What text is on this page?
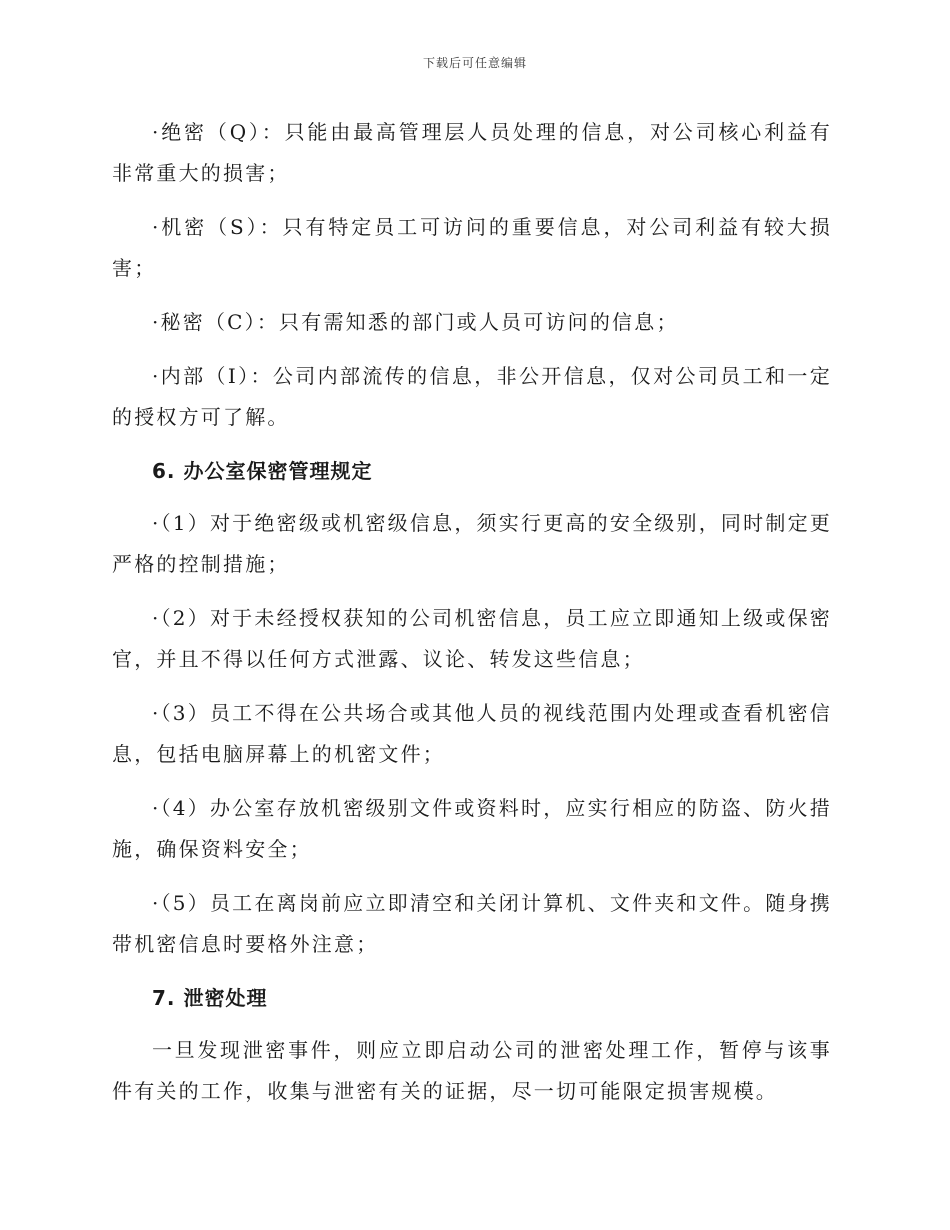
下载后可任意编辑

·绝密（Q）：只能由最高管理层人员处理的信息，对公司核心利益有非常重大的损害；

·机密（S）：只有特定员工可访问的重要信息，对公司利益有较大损害；

·秘密（C）：只有需知悉的部门或人员可访问的信息；

·内部（I）：公司内部流传的信息，非公开信息，仅对公司员工和一定的授权方可了解。

6. 办公室保密管理规定

·（1）对于绝密级或机密级信息，须实行更高的安全级别，同时制定更严格的控制措施；

·（2）对于未经授权获知的公司机密信息，员工应立即通知上级或保密官，并且不得以任何方式泄露、议论、转发这些信息；

·（3）员工不得在公共场合或其他人员的视线范围内处理或查看机密信息，包括电脑屏幕上的机密文件；

·（4）办公室存放机密级别文件或资料时，应实行相应的防盗、防火措施，确保资料安全；

·（5）员工在离岗前应立即清空和关闭计算机、文件夹和文件。随身携带机密信息时要格外注意；

7. 泄密处理

一旦发现泄密事件，则应立即启动公司的泄密处理工作，暂停与该事件有关的工作，收集与泄密有关的证据，尽一切可能限定损害规模。
